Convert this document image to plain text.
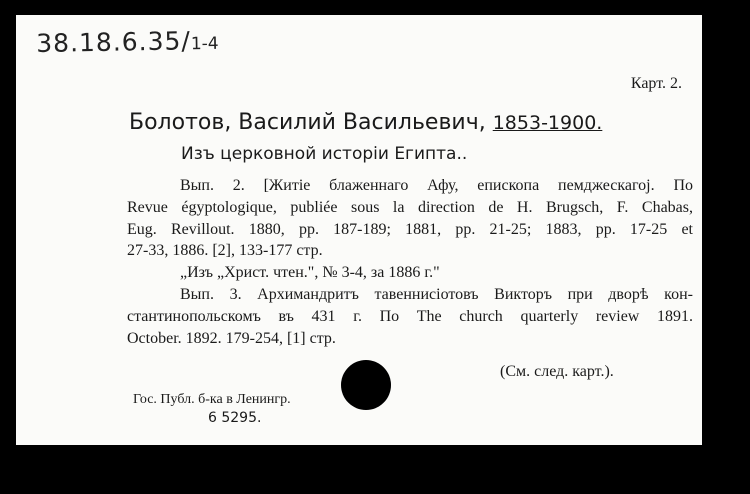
38.18.6.35/1-4
Карт. 2.
Болотов, Василий Васильевич, 1853-1900.
Изъ церковной исторіи Египта..
Вып. 2. [Житіе блаженнаго Афу, епископа пемджескагоj. По
Revue égyptologique, publiée sous la direction de H. Brugsch, F. Chabas,
Eug. Revillout. 1880, pp. 187-189; 1881, pp. 21-25; 1883, pp. 17-25 et
27-33, 1886. [2], 133-177 стр.
„Изъ „Христ. чтен.", № 3-4, за 1886 г."
Вып. 3. Архимандритъ тавеннисіотовъ Викторъ при дворѣ кон-
стантинопольскомъ въ 431 г. По The church quarterly review 1891.
October. 1892. 179-254, [1] стр.
(См. след. карт.).
Гос. Публ. б-ка в Ленингр.
6 5295.
